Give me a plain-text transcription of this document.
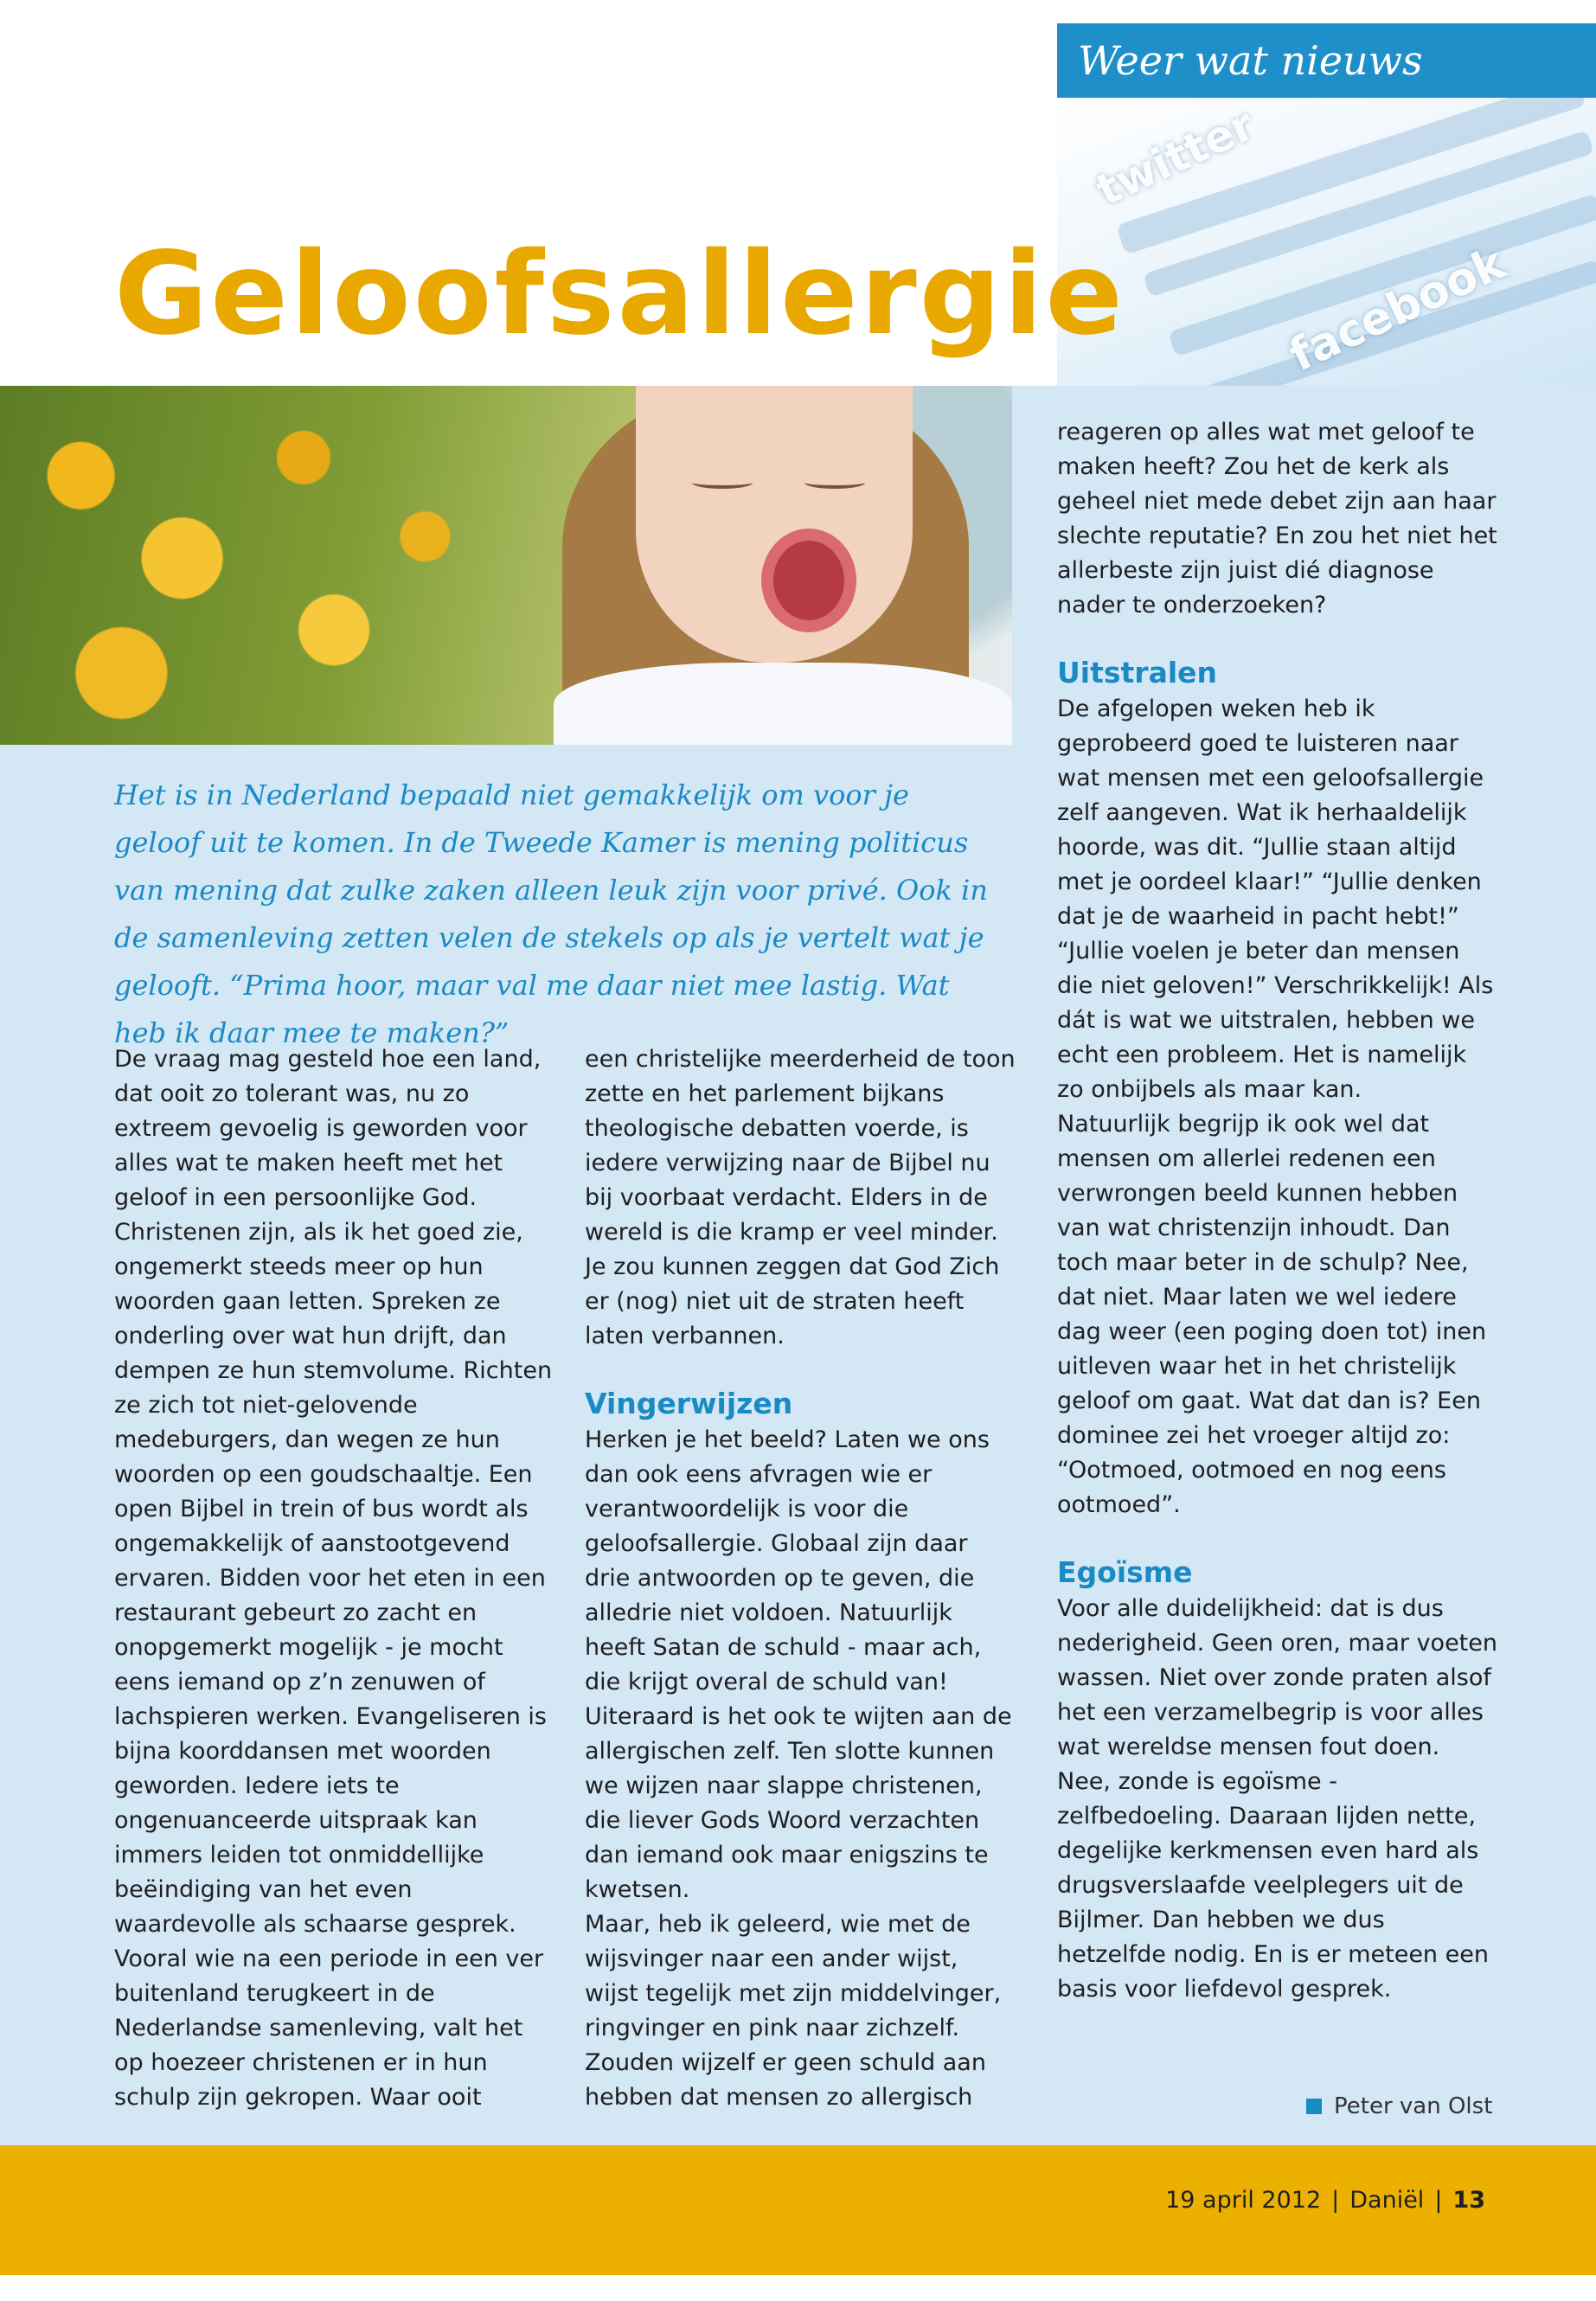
Weer wat nieuws
twitter
facebook
Geloofsallergie

Het is in Nederland bepaald niet gemakkelijk om voor je geloof uit te komen. In de Tweede Kamer is mening politicus van mening dat zulke zaken alleen leuk zijn voor privé. Ook in de samenleving zetten velen de stekels op als je vertelt wat je gelooft. “Prima hoor, maar val me daar niet mee lastig. Wat heb ik daar mee te maken?”

De vraag mag gesteld hoe een land, dat ooit zo tolerant was, nu zo extreem gevoelig is geworden voor alles wat te maken heeft met het geloof in een persoonlijke God. Christenen zijn, als ik het goed zie, ongemerkt steeds meer op hun woorden gaan letten. Spreken ze onderling over wat hun drijft, dan dempen ze hun stemvolume. Richten ze zich tot niet-gelovende medeburgers, dan wegen ze hun woorden op een goudschaaltje. Een open Bijbel in trein of bus wordt als ongemakkelijk of aanstootgevend ervaren. Bidden voor het eten in een restaurant gebeurt zo zacht en onopgemerkt mogelijk - je mocht eens iemand op z’n zenuwen of lachspieren werken. Evangeliseren is bijna koorddansen met woorden geworden. Iedere iets te ongenuanceerde uitspraak kan immers leiden tot onmiddellijke beëindiging van het even waardevolle als schaarse gesprek.

Vooral wie na een periode in een ver buitenland terugkeert in de Nederlandse samenleving, valt het op hoezeer christenen er in hun schulp zijn gekropen. Waar ooit

een christelijke meerderheid de toon zette en het parlement bijkans theologische debatten voerde, is iedere verwijzing naar de Bijbel nu bij voorbaat verdacht. Elders in de wereld is die kramp er veel minder. Je zou kunnen zeggen dat God Zich er (nog) niet uit de straten heeft laten verbannen.

Vingerwijzen

Herken je het beeld? Laten we ons dan ook eens afvragen wie er verantwoordelijk is voor die geloofsallergie. Globaal zijn daar drie antwoorden op te geven, die alledrie niet voldoen. Natuurlijk heeft Satan de schuld - maar ach, die krijgt overal de schuld van! Uiteraard is het ook te wijten aan de allergischen zelf. Ten slotte kunnen we wijzen naar slappe christenen, die liever Gods Woord verzachten dan iemand ook maar enigszins te kwetsen.

Maar, heb ik geleerd, wie met de wijsvinger naar een ander wijst, wijst tegelijk met zijn middelvinger, ringvinger en pink naar zichzelf. Zouden wijzelf er geen schuld aan hebben dat mensen zo allergisch

reageren op alles wat met geloof te maken heeft? Zou het de kerk als geheel niet mede debet zijn aan haar slechte reputatie? En zou het niet het allerbeste zijn juist dié diagnose nader te onderzoeken?

Uitstralen

De afgelopen weken heb ik geprobeerd goed te luisteren naar wat mensen met een geloofsallergie zelf aangeven. Wat ik herhaaldelijk hoorde, was dit. “Jullie staan altijd met je oordeel klaar!” “Jullie denken dat je de waarheid in pacht hebt!” “Jullie voelen je beter dan mensen die niet geloven!” Verschrikkelijk! Als dát is wat we uitstralen, hebben we echt een probleem. Het is namelijk zo onbijbels als maar kan.

Natuurlijk begrijp ik ook wel dat mensen om allerlei redenen een verwrongen beeld kunnen hebben van wat christenzijn inhoudt. Dan toch maar beter in de schulp? Nee, dat niet. Maar laten we wel iedere dag weer (een poging doen tot) inen uitleven waar het in het christelijk geloof om gaat. Wat dat dan is? Een dominee zei het vroeger altijd zo: “Ootmoed, ootmoed en nog eens ootmoed”.

Egoïsme

Voor alle duidelijkheid: dat is dus nederigheid. Geen oren, maar voeten wassen. Niet over zonde praten alsof het een verzamelbegrip is voor alles wat wereldse mensen fout doen. Nee, zonde is egoïsme - zelfbedoeling. Daaraan lijden nette, degelijke kerkmensen even hard als drugsverslaafde veelplegers uit de Bijlmer. Dan hebben we dus hetzelfde nodig. En is er meteen een basis voor liefdevol gesprek.

Peter van Olst
19 april 2012 | Daniël | 13
